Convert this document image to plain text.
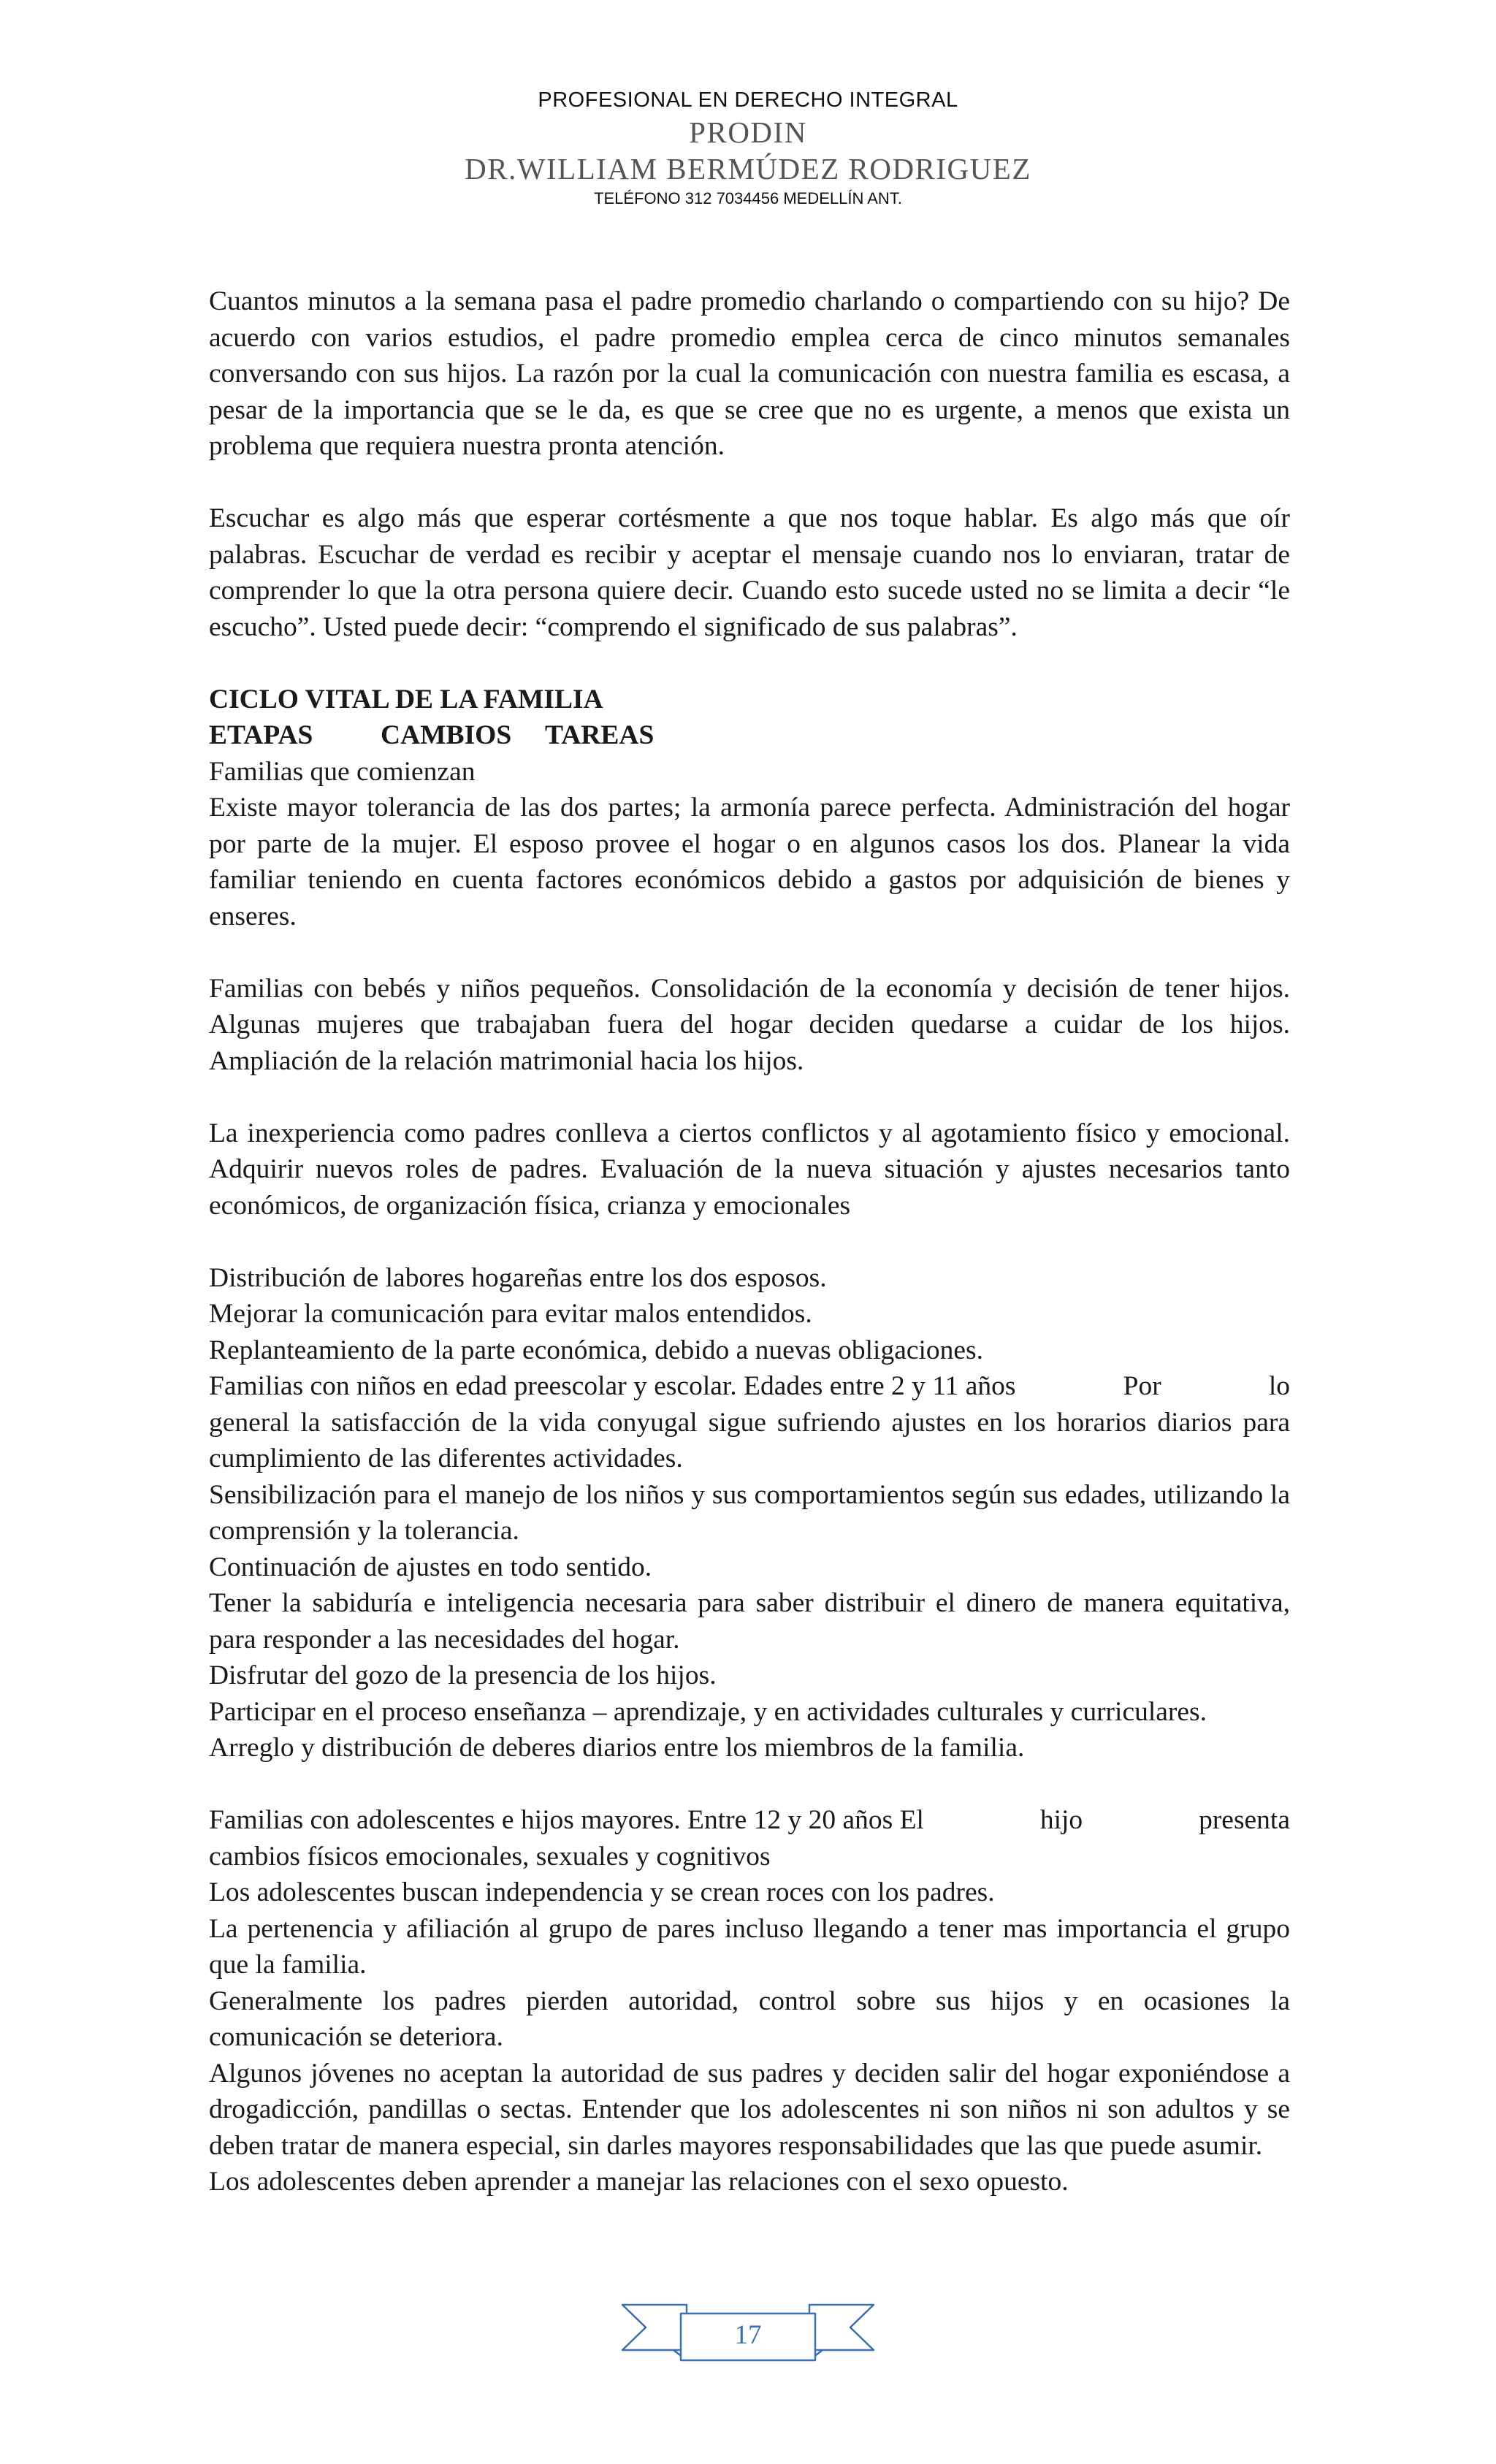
PROFESIONAL EN DERECHO INTEGRAL
PRODIN
DR.WILLIAM BERMÚDEZ RODRIGUEZ
TELÉFONO 312 7034456 MEDELLÍN ANT.

Cuantos minutos a la semana pasa el padre promedio charlando o compartiendo con su hijo? De acuerdo con varios estudios, el padre promedio emplea cerca de cinco minutos semanales conversando con sus hijos. La razón por la cual la comunicación con nuestra familia es escasa, a pesar de la importancia que se le da, es que se cree que no es urgente, a menos que exista un problema que requiera nuestra pronta atención.

Escuchar es algo más que esperar cortésmente a que nos toque hablar. Es algo más que oír palabras. Escuchar de verdad es recibir y aceptar el mensaje cuando nos lo enviaran, tratar de comprender lo que la otra persona quiere decir. Cuando esto sucede usted no se limita a decir “le escucho”. Usted puede decir: “comprendo el significado de sus palabras”.

CICLO VITAL DE LA FAMILIA

ETAPAS CAMBIOS TAREAS

Familias que comienzan

Existe mayor tolerancia de las dos partes; la armonía parece perfecta. Administración del hogar por parte de la mujer. El esposo provee el hogar o en algunos casos los dos. Planear la vida familiar teniendo en cuenta factores económicos debido a gastos por adquisición de bienes y enseres.

Familias con bebés y niños pequeños. Consolidación de la economía y decisión de tener hijos. Algunas mujeres que trabajaban fuera del hogar deciden quedarse a cuidar de los hijos. Ampliación de la relación matrimonial hacia los hijos.

La inexperiencia como padres conlleva a ciertos conflictos y al agotamiento físico y emocional. Adquirir nuevos roles de padres. Evaluación de la nueva situación y ajustes necesarios tanto económicos, de organización física, crianza y emocionales

Distribución de labores hogareñas entre los dos esposos.

Mejorar la comunicación para evitar malos entendidos.

Replanteamiento de la parte económica, debido a nuevas obligaciones.

Familias con niños en edad preescolar y escolar. Edades entre 2 y 11 años	Por	lo

general la satisfacción de la vida conyugal sigue sufriendo ajustes en los horarios diarios para cumplimiento de las diferentes actividades.

Sensibilización para el manejo de los niños y sus comportamientos según sus edades, utilizando la comprensión y la tolerancia.

Continuación de ajustes en todo sentido.

Tener la sabiduría e inteligencia necesaria para saber distribuir el dinero de manera equitativa, para responder a las necesidades del hogar.

Disfrutar del gozo de la presencia de los hijos.

Participar en el proceso enseñanza – aprendizaje, y en actividades culturales y curriculares.

Arreglo y distribución de deberes diarios entre los miembros de la familia.

Familias con adolescentes e hijos mayores. Entre 12 y 20 años El	hijo	presenta

cambios físicos emocionales, sexuales y cognitivos

Los adolescentes buscan independencia y se crean roces con los padres.

La pertenencia y afiliación al grupo de pares incluso llegando a tener mas importancia el grupo que la familia.

Generalmente los padres pierden autoridad, control sobre sus hijos y en ocasiones la comunicación se deteriora.

Algunos jóvenes no aceptan la autoridad de sus padres y deciden salir del hogar exponiéndose a drogadicción, pandillas o sectas. Entender que los adolescentes ni son niños ni son adultos y se deben tratar de manera especial, sin darles mayores responsabilidades que las que puede asumir.

Los adolescentes deben aprender a manejar las relaciones con el sexo opuesto.

17
